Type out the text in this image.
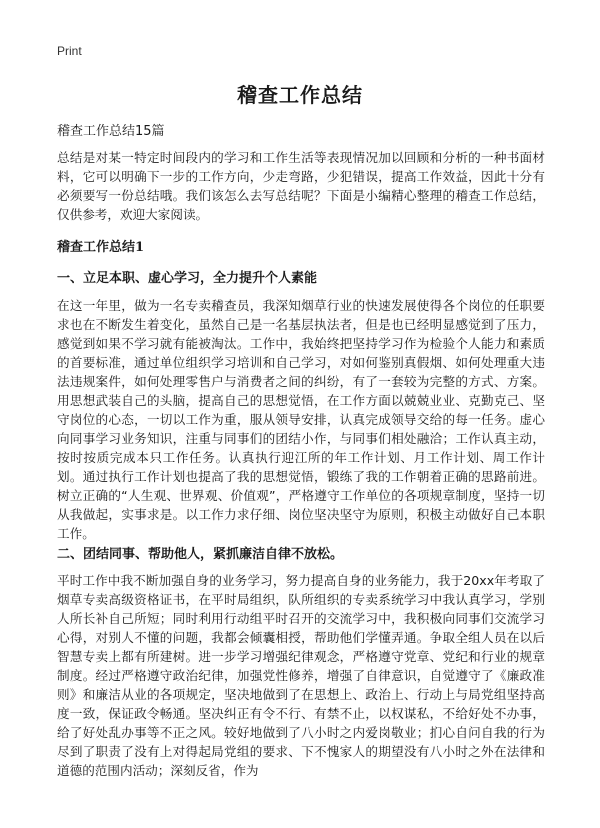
Print
稽查工作总结
稽查工作总结15篇

总结是对某一特定时间段内的学习和工作生活等表现情况加以回顾和分析的一种书面材料，它可以明确下一步的工作方向，少走弯路，少犯错误，提高工作效益，因此十分有必须要写一份总结哦。我们该怎么去写总结呢？下面是小编精心整理的稽查工作总结，仅供参考，欢迎大家阅读。

稽查工作总结1
一、立足本职、虚心学习，全力提升个人素能

在这一年里，做为一名专卖稽查员，我深知烟草行业的快速发展使得各个岗位的任职要求也在不断发生着变化，虽然自己是一名基层执法者，但是也已经明显感觉到了压力，感觉到如果不学习就有能被淘汰。工作中，我始终把坚持学习作为检验个人能力和素质的首要标准，通过单位组织学习培训和自己学习，对如何鉴别真假烟、如何处理重大违法违规案件，如何处理零售户与消费者之间的纠纷，有了一套较为完整的方式、方案。用思想武装自己的头脑，提高自己的思想觉悟，在工作方面以兢兢业业、克勤克己、坚守岗位的心态，一切以工作为重，服从领导安排，认真完成领导交给的每一任务。虚心向同事学习业务知识，注重与同事们的团结小作，与同事们相处融洽；工作认真主动，按时按质完成本只工作任务。认真执行迎江所的年工作计划、月工作计划、周工作计划。通过执行工作计划也提高了我的思想觉悟，锻练了我的工作朝着正确的思路前进。树立正确的“人生观、世界观、价值观”，严格遵守工作单位的各项规章制度，坚持一切从我做起，实事求是。以工作力求仔细、岗位坚决坚守为原则，积极主动做好自己本职工作。

二、团结同事、帮助他人，紧抓廉洁自律不放松。

平时工作中我不断加强自身的业务学习，努力提高自身的业务能力，我于20xx年考取了烟草专卖高级资格证书，在平时局组织，队所组织的专卖系统学习中我认真学习，学别人所长补自己所短；同时利用行动组平时召开的交流学习中，我积极向同事们交流学习心得，对别人不懂的问题，我都会倾囊相授，帮助他们学懂弄通。争取全组人员在以后智慧专卖上都有所建树。进一步学习增强纪律观念，严格遵守党章、党纪和行业的规章制度。经过严格遵守政治纪律，加强党性修养，增强了自律意识，自觉遵守了《廉政准则》和廉洁从业的各项规定，坚决地做到了在思想上、政治上、行动上与局党组坚持高度一致，保证政令畅通。坚决纠正有令不行、有禁不止，以权谋私，不给好处不办事，给了好处乱办事等不正之风。较好地做到了八小时之内爱岗敬业；扪心自问自我的行为尽到了职责了没有上对得起局党组的要求、下不愧家人的期望没有八小时之外在法律和道德的范围内活动；深刻反省，作为
